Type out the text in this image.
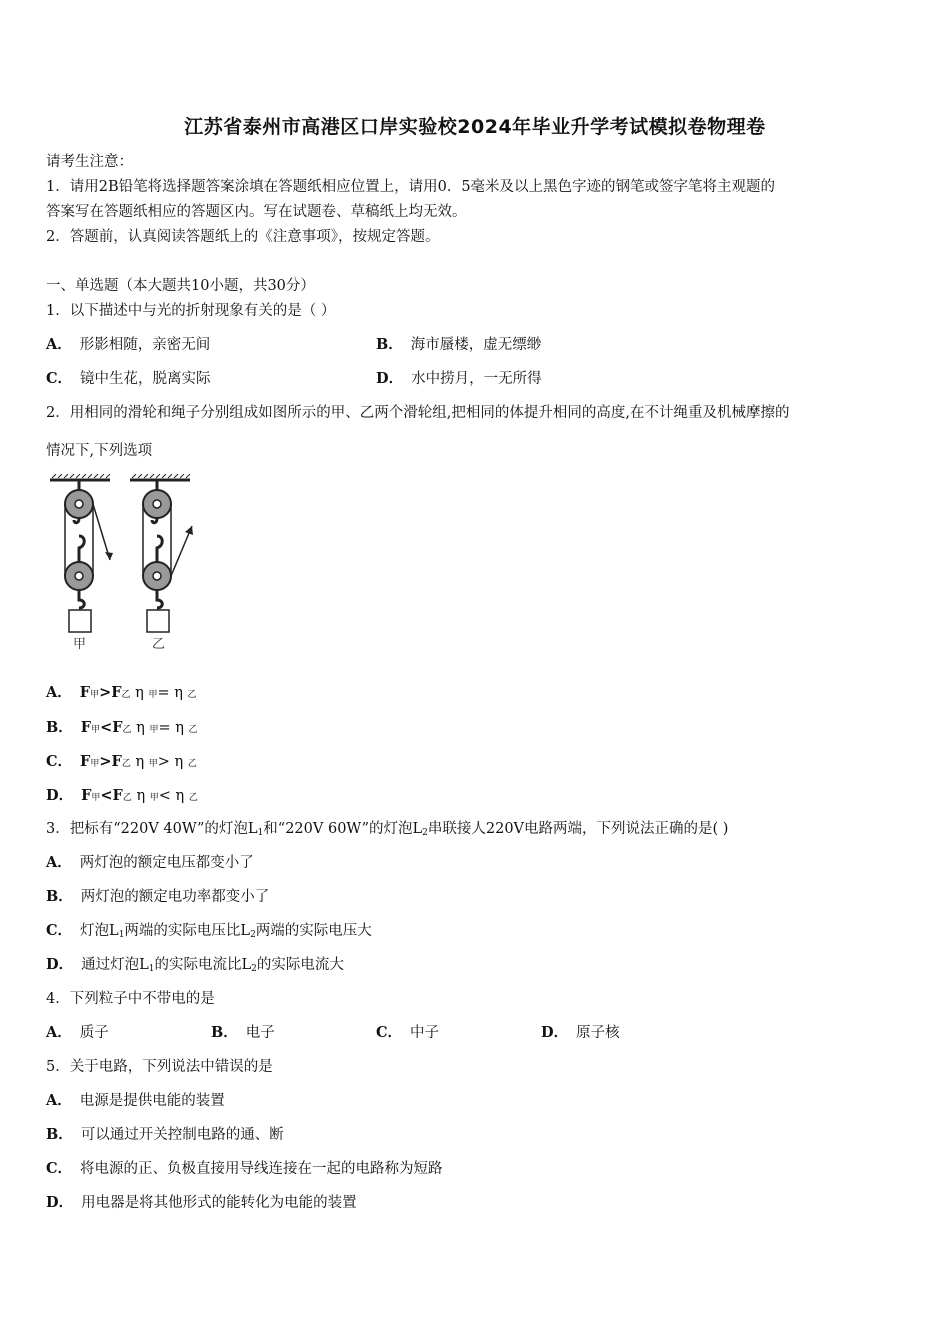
江苏省泰州市高港区口岸实验校2024年毕业升学考试模拟卷物理卷
请考生注意：
1．请用2B铅笔将选择题答案涂填在答题纸相应位置上，请用0．5毫米及以上黑色字迹的钢笔或签字笔将主观题的
答案写在答题纸相应的答题区内。写在试题卷、草稿纸上均无效。
2．答题前，认真阅读答题纸上的《注意事项》，按规定答题。
一、单选题（本大题共10小题，共30分）
1．以下描述中与光的折射现象有关的是（ ）
A． 形影相随，亲密无间	B． 海市蜃楼，虚无缥缈
C． 镜中生花，脱离实际	D． 水中捞月，一无所得
2．用相同的滑轮和绳子分别组成如图所示的甲、乙两个滑轮组,把相同的体提升相同的高度,在不计绳重及机械摩擦的
情况下,下列选项
甲	乙
A． F甲>F乙 η 甲= η 乙
B． F甲<F乙 η 甲= η 乙
C． F甲>F乙 η 甲> η 乙
D． F甲<F乙 η 甲< η 乙
3．把标有“220V 40W”的灯泡$L_1$和“220V 60W”的灯泡$L_2$串联接人220V电路两端，下列说法正确的是( )
A． 两灯泡的额定电压都变小了
B． 两灯泡的额定电功率都变小了
C． 灯泡$L_1$两端的实际电压比$L_2$两端的实际电压大
D． 通过灯泡$L_1$的实际电流比$L_2$的实际电流大
4．下列粒子中不带电的是
A． 质子	B． 电子	C． 中子	D． 原子核
5．关于电路，下列说法中错误的是
A． 电源是提供电能的装置
B． 可以通过开关控制电路的通、断
C． 将电源的正、负极直接用导线连接在一起的电路称为短路
D． 用电器是将其他形式的能转化为电能的装置
